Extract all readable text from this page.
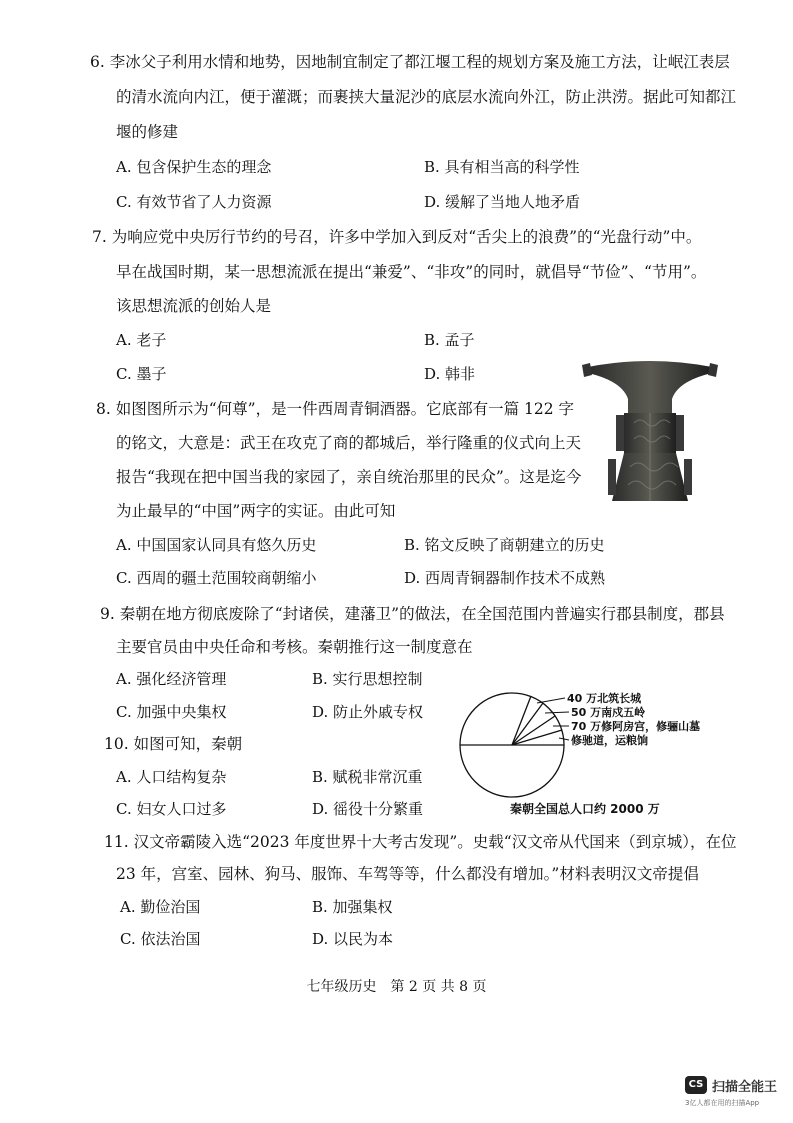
6. 李冰父子利用水情和地势，因地制宜制定了都江堰工程的规划方案及施工方法，让岷江表层
的清水流向内江，便于灌溉；而裹挟大量泥沙的底层水流向外江，防止洪涝。据此可知都江
堰的修建
A. 包含保护生态的理念	B. 具有相当高的科学性
C. 有效节省了人力资源	D. 缓解了当地人地矛盾
7. 为响应党中央厉行节约的号召，许多中学加入到反对“舌尖上的浪费”的“光盘行动”中。
早在战国时期，某一思想流派在提出“兼爱”、“非攻”的同时，就倡导“节俭”、“节用”。
该思想流派的创始人是
A. 老子	B. 孟子
C. 墨子	D. 韩非
8. 如图图所示为“何尊”，是一件西周青铜酒器。它底部有一篇 122 字
的铭文，大意是：武王在攻克了商的都城后，举行隆重的仪式向上天
报告“我现在把中国当我的家园了，亲自统治那里的民众”。这是迄今
为止最早的“中国”两字的实证。由此可知
A. 中国国家认同具有悠久历史	B. 铭文反映了商朝建立的历史
C. 西周的疆土范围较商朝缩小	D. 西周青铜器制作技术不成熟
9. 秦朝在地方彻底废除了“封诸侯，建藩卫”的做法，在全国范围内普遍实行郡县制度，郡县
主要官员由中央任命和考核。秦朝推行这一制度意在
A. 强化经济管理	B. 实行思想控制
C. 加强中央集权	D. 防止外戚专权
10. 如图可知，秦朝
A. 人口结构复杂	B. 赋税非常沉重
C. 妇女人口过多	D. 徭役十分繁重
40 万北筑长城
50 万南戍五岭
70 万修阿房宫，修骊山墓
修驰道，运粮饷
秦朝全国总人口约 2000 万
11. 汉文帝霸陵入选“2023 年度世界十大考古发现”。史载“汉文帝从代国来（到京城），在位
23 年，宫室、园林、狗马、服饰、车驾等等，什么都没有增加。”材料表明汉文帝提倡
A. 勤俭治国	B. 加强集权
C. 依法治国	D. 以民为本
七年级历史　第 2 页 共 8 页
CS 扫描全能王
3亿人都在用的扫描App
